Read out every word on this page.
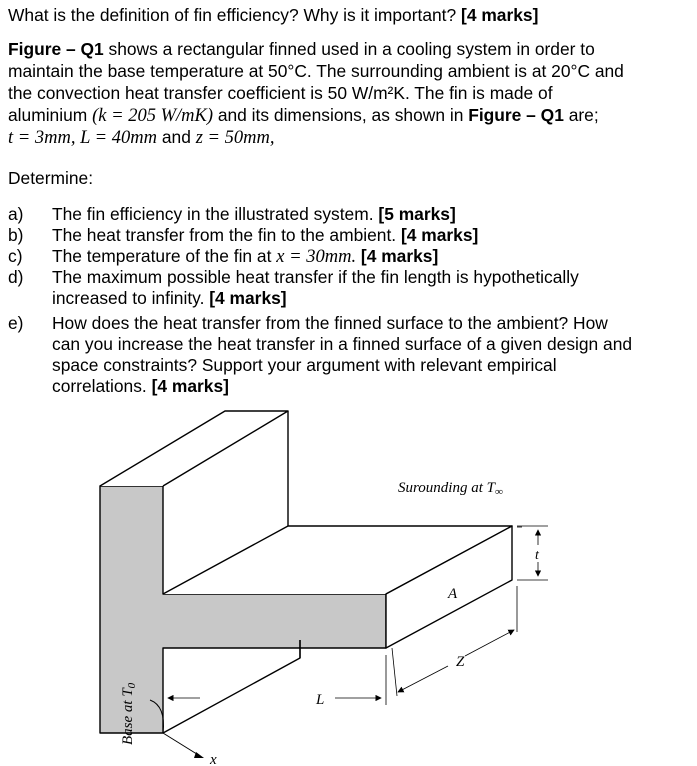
What is the definition of fin efficiency? Why is it important? [4 marks]
Figure – Q1 shows a rectangular finned used in a cooling system in order to
maintain the base temperature at 50°C. The surrounding ambient is at 20°C and
the convection heat transfer coefficient is 50 W/m²K. The fin is made of
aluminium (k = 205 W/mK) and its dimensions, as shown in Figure – Q1 are;
t = 3mm, L = 40mm and z = 50mm,
Determine:
a) The fin efficiency in the illustrated system. [5 marks]
b) The heat transfer from the fin to the ambient. [4 marks]
c) The temperature of the fin at x = 30mm. [4 marks]
d) The maximum possible heat transfer if the fin length is hypothetically
increased to infinity. [4 marks]
e) How does the heat transfer from the finned surface to the ambient? How
can you increase the heat transfer in a finned surface of a given design and
space constraints? Support your argument with relevant empirical
correlations. [4 marks]
Surounding at $T_\infty$
A
Z
t
L
x
Base at $T_0$
